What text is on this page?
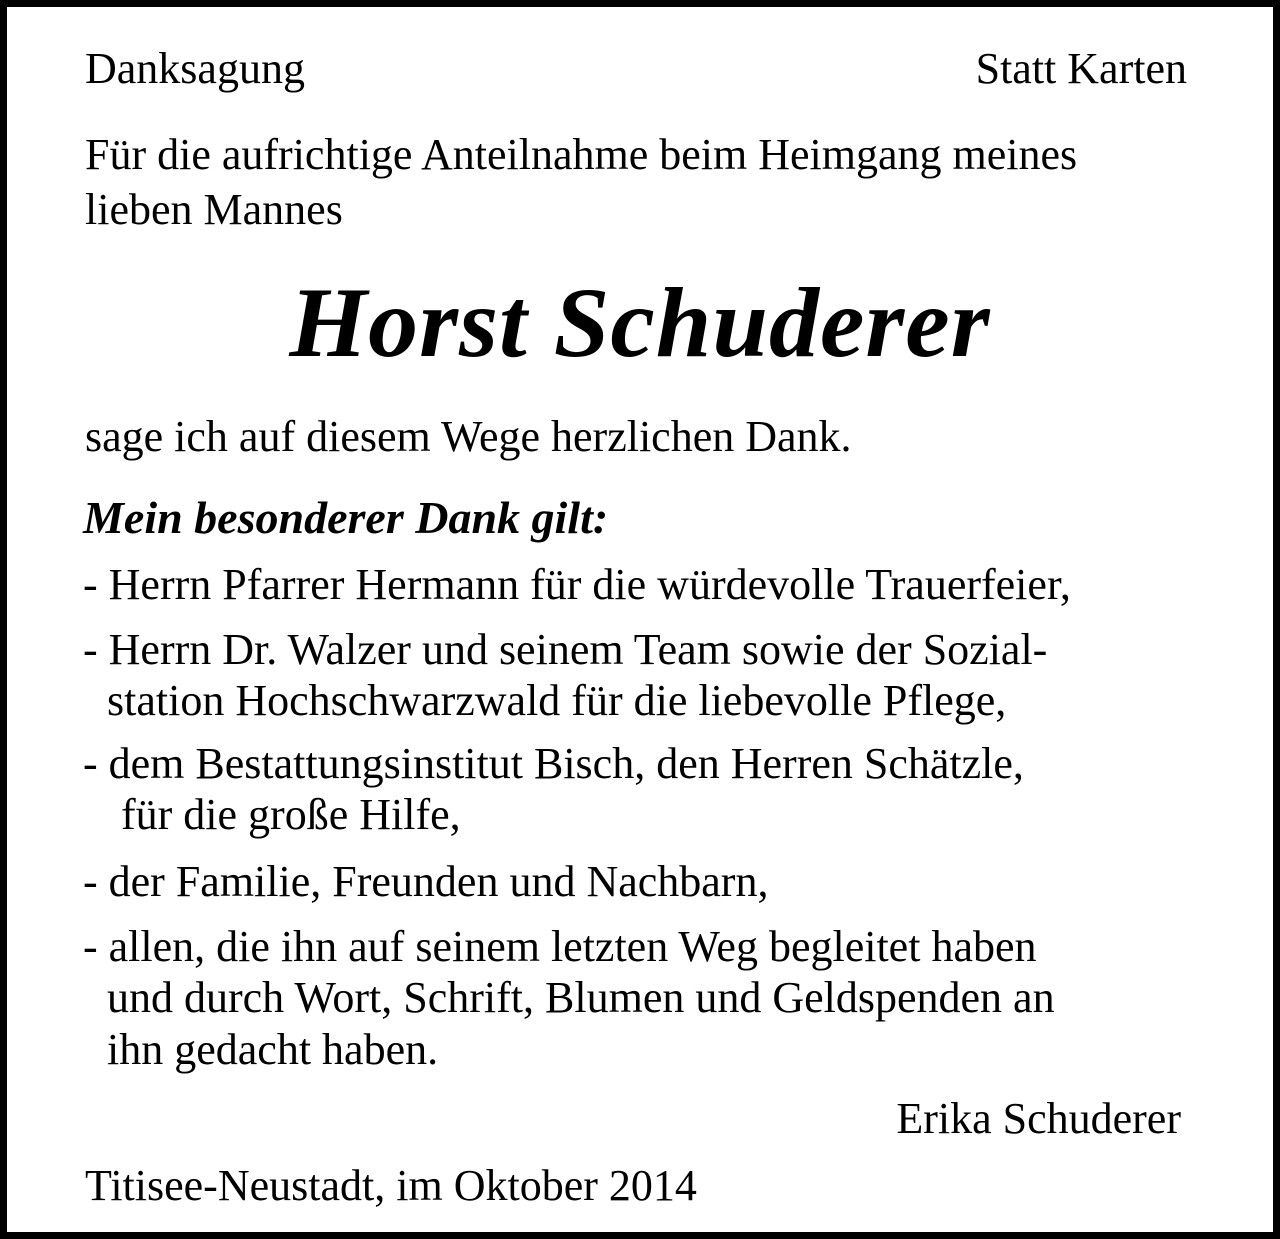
Danksagung	Statt Karten
Für die aufrichtige Anteilnahme beim Heimgang meines
lieben Mannes
Horst Schuderer
sage ich auf diesem Wege herzlichen Dank.
Mein besonderer Dank gilt:
- Herrn Pfarrer Hermann für die würdevolle Trauerfeier,
- Herrn Dr. Walzer und seinem Team sowie der Sozial-
station Hochschwarzwald für die liebevolle Pflege,
- dem Bestattungsinstitut Bisch, den Herren Schätzle,
für die große Hilfe,
- der Familie, Freunden und Nachbarn,
- allen, die ihn auf seinem letzten Weg begleitet haben
und durch Wort, Schrift, Blumen und Geldspenden an
ihn gedacht haben.
Erika Schuderer
Titisee-Neustadt, im Oktober 2014
